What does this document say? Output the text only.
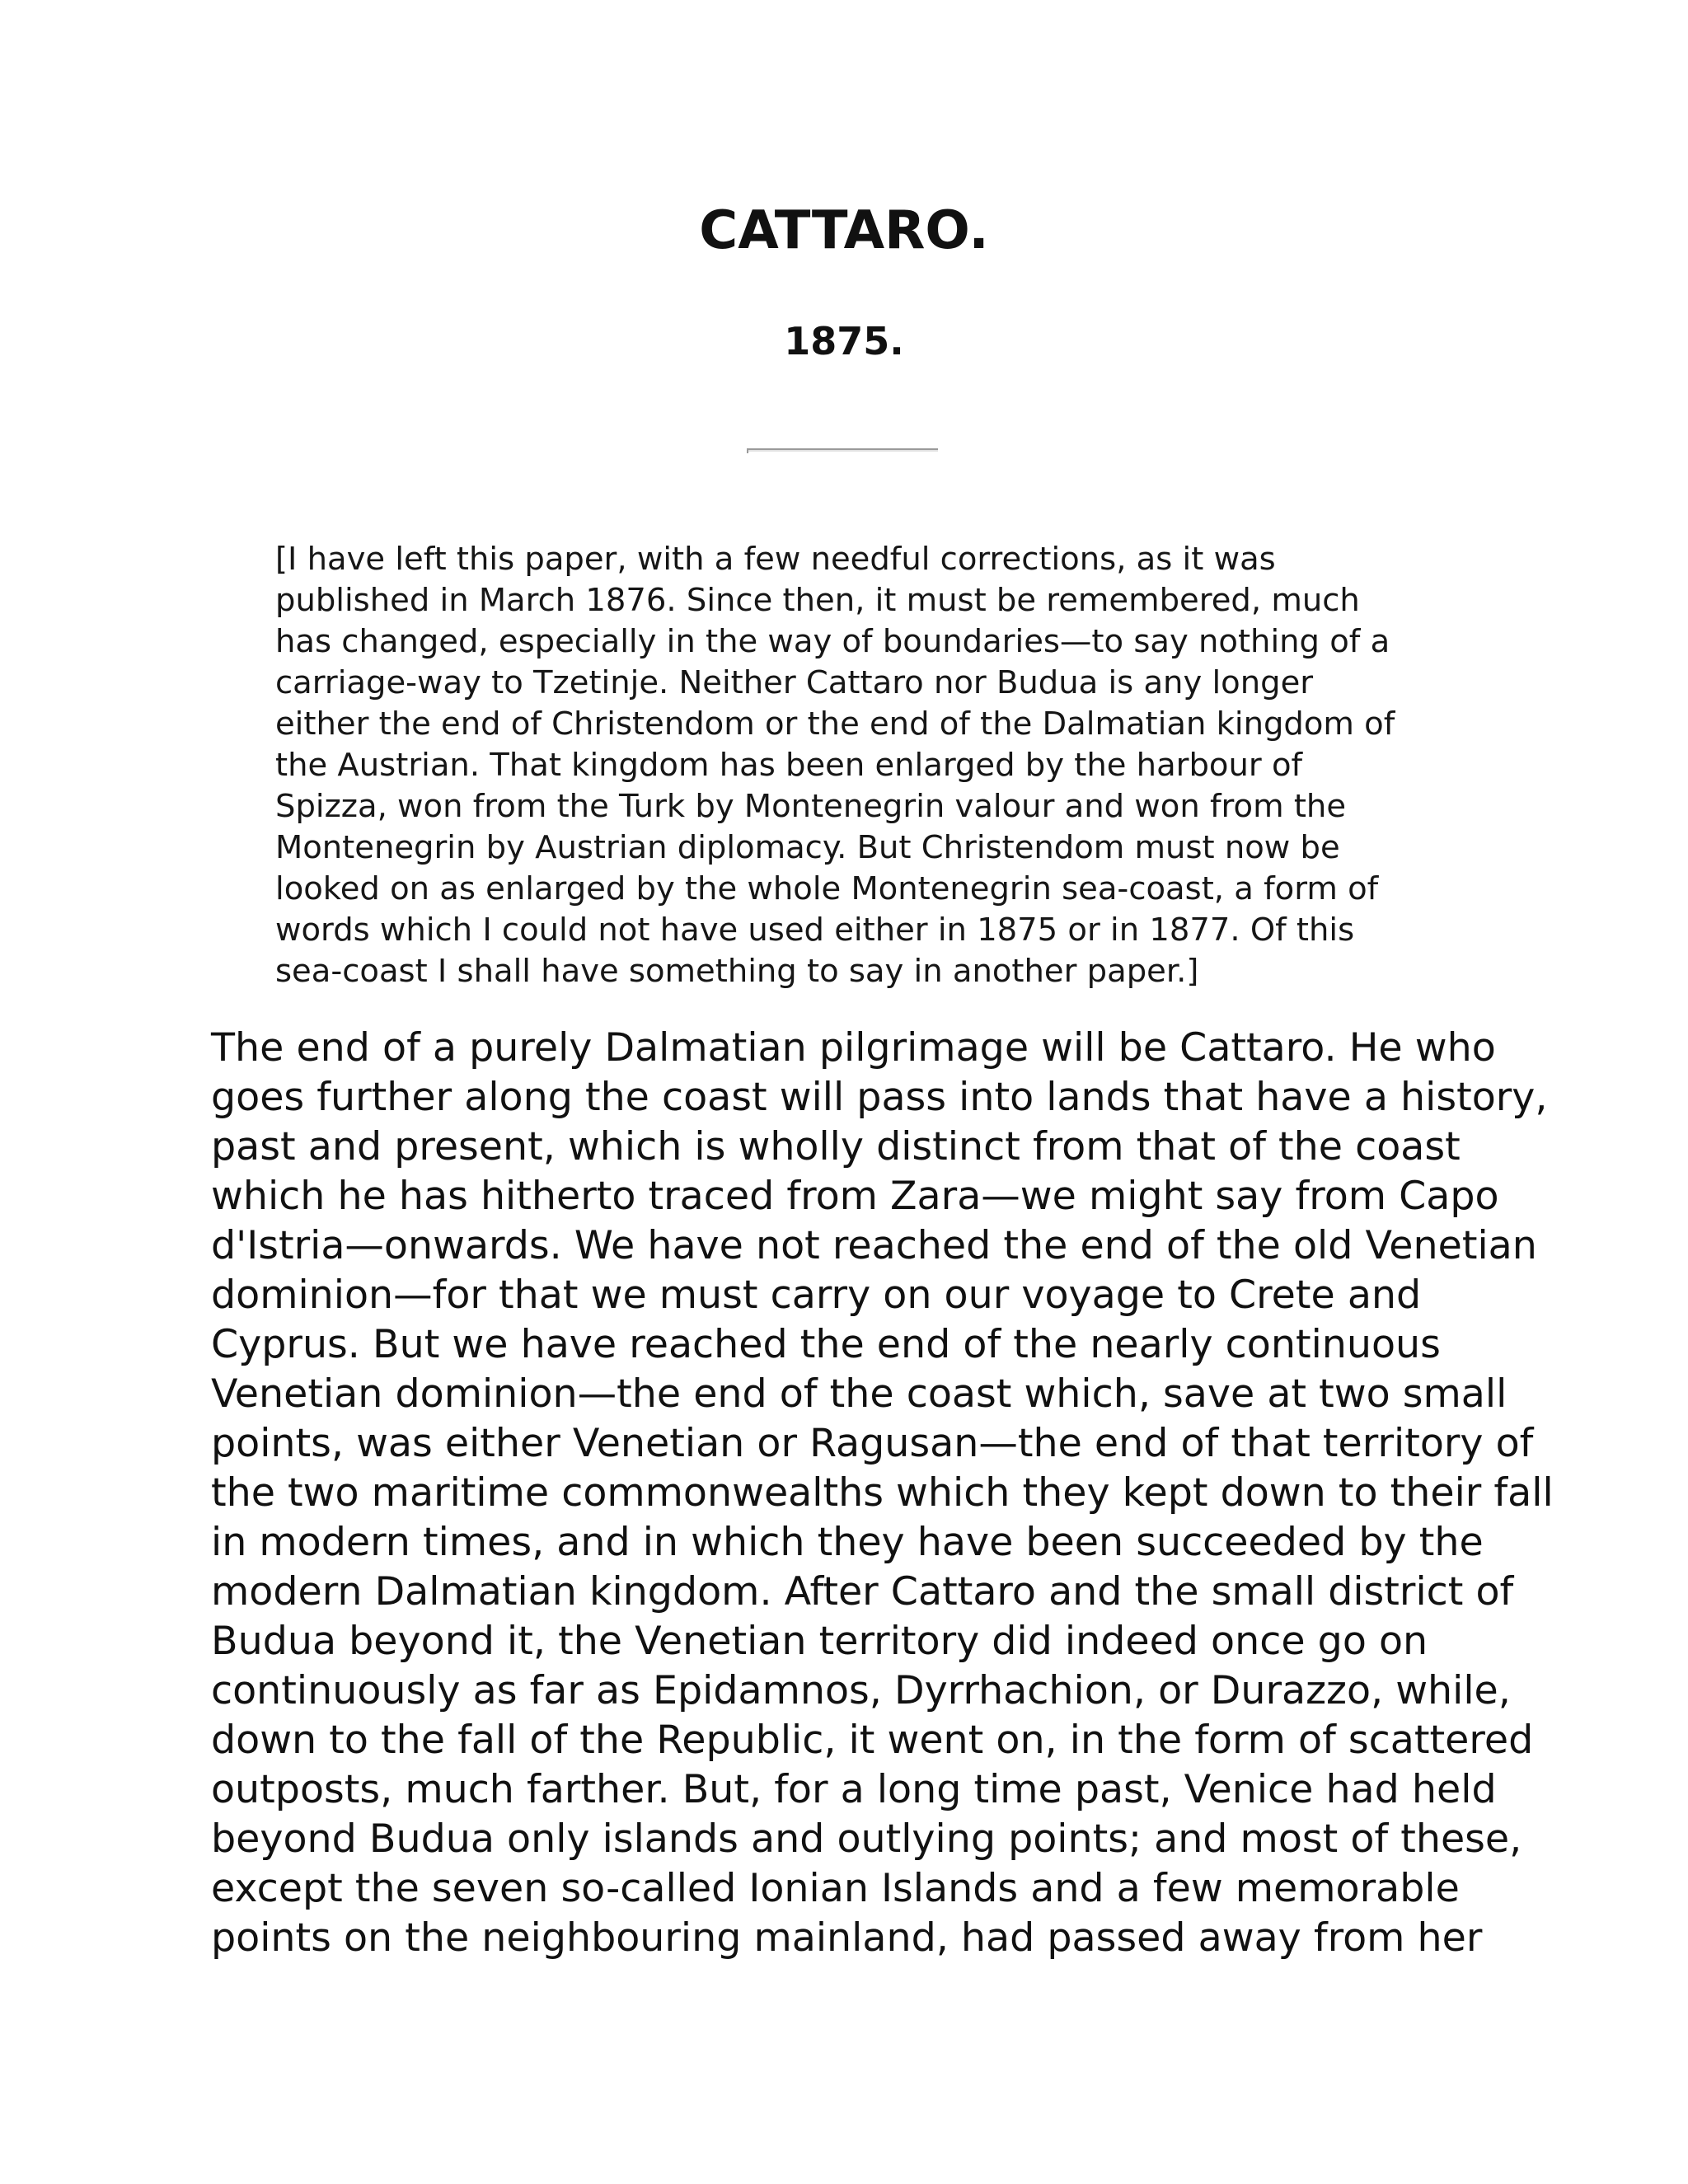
CATTARO.
1875.

[I have left this paper, with a few needful corrections, as it was
published in March 1876. Since then, it must be remembered, much
has changed, especially in the way of boundaries—to say nothing of a
carriage-way to Tzetinje. Neither Cattaro nor Budua is any longer
either the end of Christendom or the end of the Dalmatian kingdom of
the Austrian. That kingdom has been enlarged by the harbour of
Spizza, won from the Turk by Montenegrin valour and won from the
Montenegrin by Austrian diplomacy. But Christendom must now be
looked on as enlarged by the whole Montenegrin sea-coast, a form of
words which I could not have used either in 1875 or in 1877. Of this
sea-coast I shall have something to say in another paper.]

The end of a purely Dalmatian pilgrimage will be Cattaro. He who
goes further along the coast will pass into lands that have a history,
past and present, which is wholly distinct from that of the coast
which he has hitherto traced from Zara—we might say from Capo
d'Istria—onwards. We have not reached the end of the old Venetian
dominion—for that we must carry on our voyage to Crete and
Cyprus. But we have reached the end of the nearly continuous
Venetian dominion—the end of the coast which, save at two small
points, was either Venetian or Ragusan—the end of that territory of
the two maritime commonwealths which they kept down to their fall
in modern times, and in which they have been succeeded by the
modern Dalmatian kingdom. After Cattaro and the small district of
Budua beyond it, the Venetian territory did indeed once go on
continuously as far as Epidamnos, Dyrrhachion, or Durazzo, while,
down to the fall of the Republic, it went on, in the form of scattered
outposts, much farther. But, for a long time past, Venice had held
beyond Budua only islands and outlying points; and most of these,
except the seven so-called Ionian Islands and a few memorable
points on the neighbouring mainland, had passed away from her
